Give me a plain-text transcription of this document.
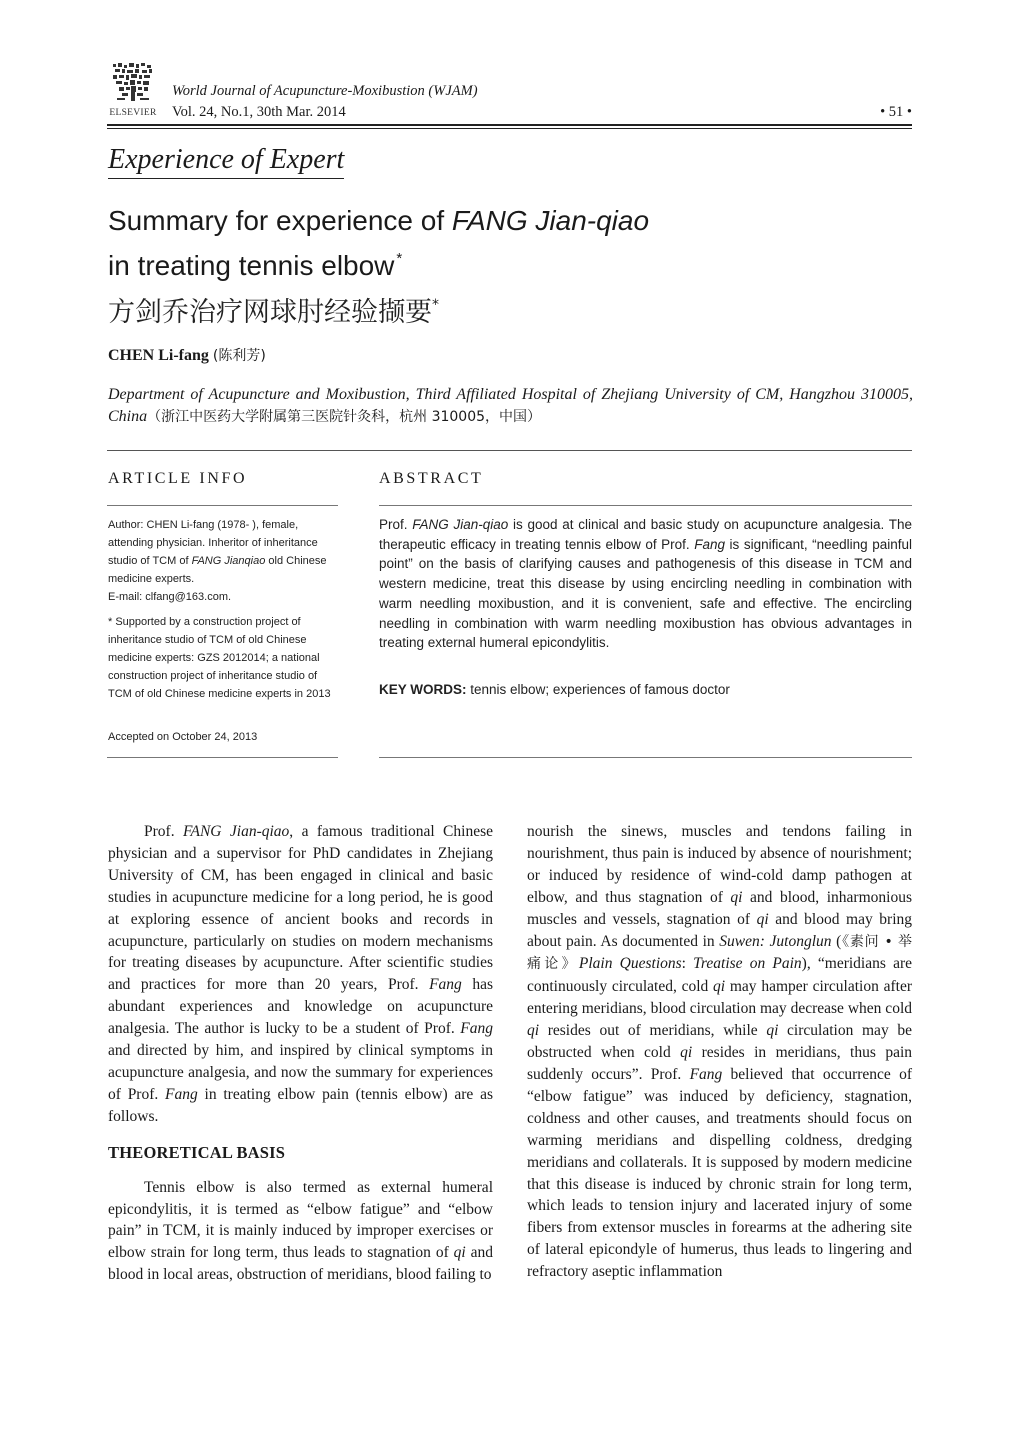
ELSEVIER
World Journal of Acupuncture-Moxibustion (WJAM)
Vol. 24, No.1, 30th Mar. 2014	• 51 •
Experience of Expert
Summary for experience of FANG Jian-qiao
in treating tennis elbow *
方剑乔治疗网球肘经验撷要*
CHEN Li-fang (陈利芳)
Department of Acupuncture and Moxibustion, Third Affiliated Hospital of Zhejiang University of CM, Hangzhou 310005, China（浙江中医药大学附属第三医院针灸科，杭州 310005，中国）
ARTICLE INFO	ABSTRACT
Author: CHEN Li-fang (1978- ), female, attending physician. Inheritor of inheritance studio of TCM of FANG Jianqiao old Chinese medicine experts.
E-mail: clfang@163.com.
* Supported by a construction project of inheritance studio of TCM of old Chinese medicine experts: GZS 2012014; a national construction project of inheritance studio of TCM of old Chinese medicine experts in 2013
Accepted on October 24, 2013
Prof. FANG Jian-qiao is good at clinical and basic study on acupuncture analgesia. The therapeutic efficacy in treating tennis elbow of Prof. Fang is significant, “needling painful point” on the basis of clarifying causes and pathogenesis of this disease in TCM and western medicine, treat this disease by using encircling needling in combination with warm needling moxibustion, and it is convenient, safe and effective. The encircling needling in combination with warm needling moxibustion has obvious advantages in treating external humeral epicondylitis.
KEY WORDS: tennis elbow; experiences of famous doctor

Prof. FANG Jian-qiao, a famous traditional Chinese physician and a supervisor for PhD candidates in Zhejiang University of CM, has been engaged in clinical and basic studies in acupuncture medicine for a long period, he is good at exploring essence of ancient books and records in acupuncture, particularly on studies on modern mechanisms for treating diseases by acupuncture. After scientific studies and practices for more than 20 years, Prof. Fang has abundant experiences and knowledge on acupuncture analgesia. The author is lucky to be a student of Prof. Fang and directed by him, and inspired by clinical symptoms in acupuncture analgesia, and now the summary for experiences of Prof. Fang in treating elbow pain (tennis elbow) are as follows.

THEORETICAL BASIS

Tennis elbow is also termed as external humeral epicondylitis, it is termed as “elbow fatigue” and “elbow pain” in TCM, it is mainly induced by improper exercises or elbow strain for long term, thus leads to stagnation of qi and blood in local areas, obstruction of meridians, blood failing to

nourish the sinews, muscles and tendons failing in nourishment, thus pain is induced by absence of nourishment; or induced by residence of wind-cold damp pathogen at elbow, and thus stagnation of qi and blood, inharmonious muscles and vessels, stagnation of qi and blood may bring about pain. As documented in Suwen: Jutonglun (《素问 • 举痛论》Plain Questions: Treatise on Pain), “meridians are continuously circulated, cold qi may hamper circulation after entering meridians, blood circulation may decrease when cold qi resides out of meridians, while qi circulation may be obstructed when cold qi resides in meridians, thus pain suddenly occurs”. Prof. Fang believed that occurrence of “elbow fatigue” was induced by deficiency, stagnation, coldness and other causes, and treatments should focus on warming meridians and dispelling coldness, dredging meridians and collaterals. It is supposed by modern medicine that this disease is induced by chronic strain for long term, which leads to tension injury and lacerated injury of some fibers from extensor muscles in forearms at the adhering site of lateral epicondyle of humerus, thus leads to lingering and refractory aseptic inflammation
